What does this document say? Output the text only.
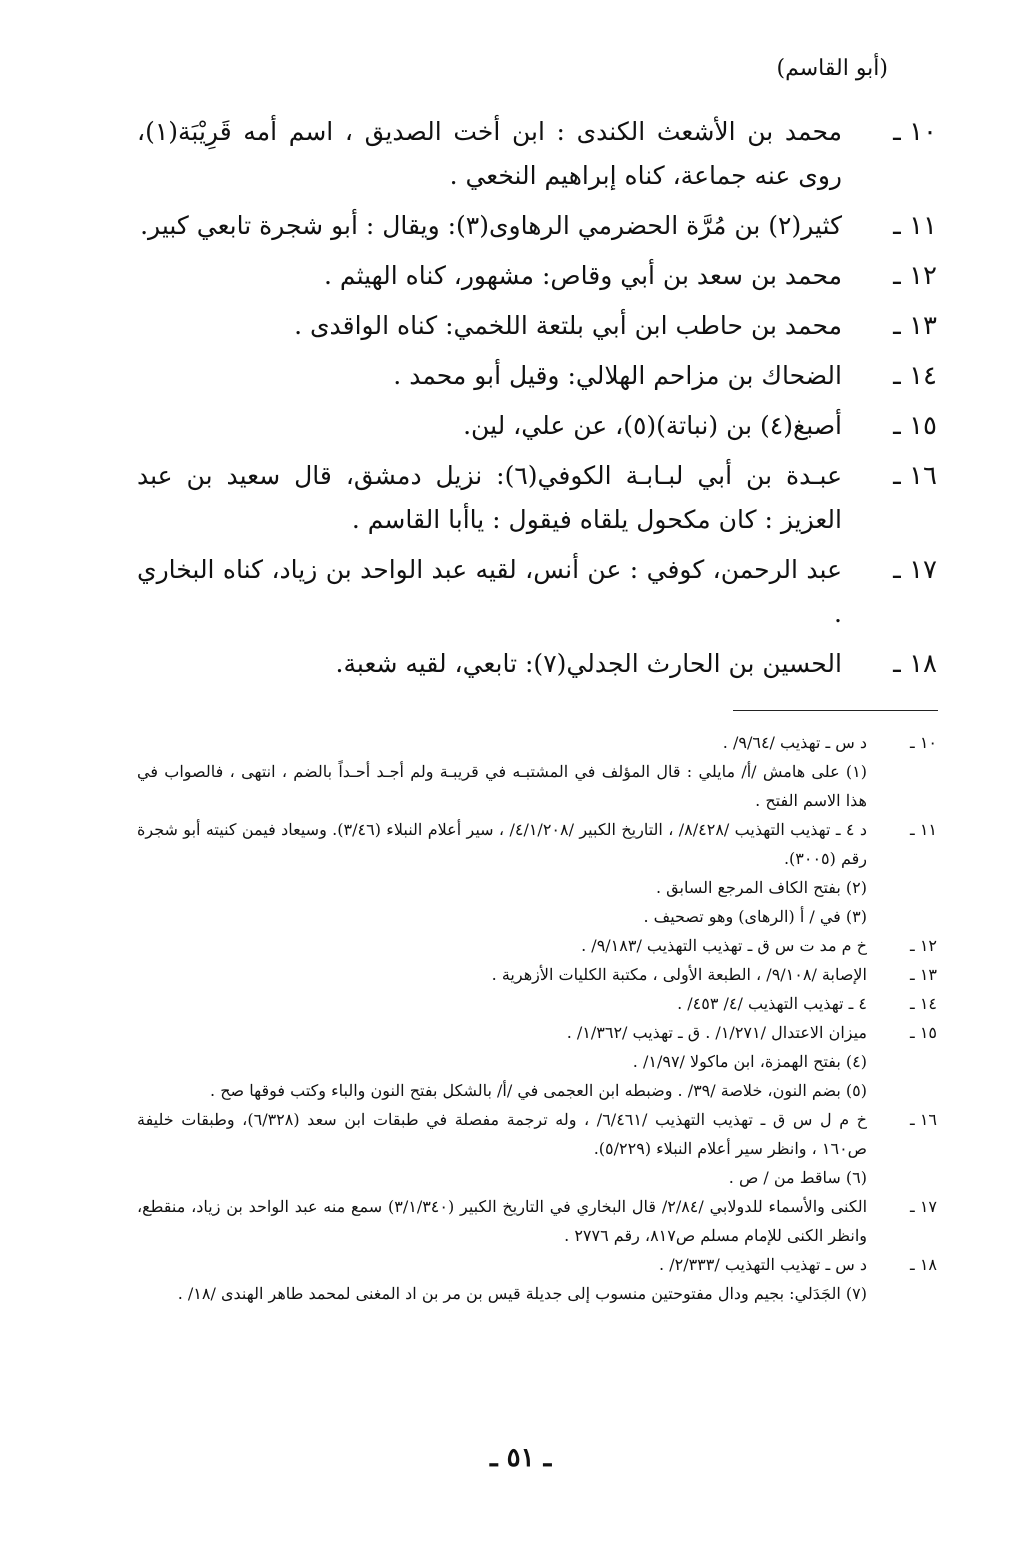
(أبو القاسم)
١٠ ـ
محمد بن الأشعث الكندى : ابن أخت الصديق ، اسم أمه قَرِيْبَة(١)، روى عنه جماعة، كناه إبراهيم النخعي .
١١ ـ
كثير(٢) بن مُرَّة الحضرمي الرهاوى(٣): ويقال : أبو شجرة تابعي كبير.
١٢ ـ
محمد بن سعد بن أبي وقاص: مشهور، كناه الهيثم .
١٣ ـ
محمد بن حاطب ابن أبي بلتعة اللخمي: كناه الواقدى .
١٤ ـ
الضحاك بن مزاحم الهلالي: وقيل أبو محمد .
١٥ ـ
أصبغ(٤) بن (نباتة)(٥)، عن علي، لين.
١٦ ـ
عبـدة بن أبي لبـابـة الكوفي(٦): نزيل دمشق، قال سعيد بن عبد العزيز : كان مكحول يلقاه فيقول : ياأبا القاسم .
١٧ ـ
عبد الرحمن، كوفي : عن أنس، لقيه عبد الواحد بن زياد، كناه البخاري .
١٨ ـ
الحسين بن الحارث الجدلي(٧): تابعي، لقيه شعبة.
١٠ ـ
د س ـ تهذيب /٩/٦٤/ .
(١) على هامش /أ/ مايلي : قال المؤلف في المشتبـه في قريبـة ولم أجـد أحـداً بالضم ، انتهى ، فالصواب في هذا الاسم الفتح .
١١ ـ
د ٤ ـ تهذيب التهذيب /٨/٤٢٨/ ، التاريخ الكبير /٤/١/٢٠٨/ ، سير أعلام النبلاء (٣/٤٦). وسيعاد فيمن كنيته أبو شجرة رقم (٣٠٠٥).
(٢) بفتح الكاف المرجع السابق .
(٣) في / أ (الرهاى) وهو تصحيف .
١٢ ـ
خ م مد ت س ق ـ تهذيب التهذيب /٩/١٨٣/ .
١٣ ـ
الإصابة /٩/١٠٨/ ، الطبعة الأولى ، مكتبة الكليات الأزهرية .
١٤ ـ
٤ ـ تهذيب التهذيب /٤/ ٤٥٣/ .
١٥ ـ
ميزان الاعتدال /١/٢٧١/ . ق ـ تهذيب /١/٣٦٢/ .
(٤) بفتح الهمزة، ابن ماكولا /١/٩٧/ .
(٥) بضم النون، خلاصة /٣٩/ . وضبطه ابن العجمى في /أ/ بالشكل بفتح النون والباء وكتب فوقها صح .
١٦ ـ
خ م ل س ق ـ تهذيب التهذيب /٦/٤٦١/ ، وله ترجمة مفصلة في طبقات ابن سعد (٦/٣٢٨)، وطبقات خليفة ص١٦٠ ، وانظر سير أعلام النبلاء (٥/٢٢٩).
(٦) ساقط من / ص .
١٧ ـ
الكنى والأسماء للدولابي /٢/٨٤/ قال البخاري في التاريخ الكبير (٣/١/٣٤٠) سمع منه عبد الواحد بن زياد، منقطع، وانظر الكنى للإمام مسلم ص٨١٧، رقم ٢٧٧٦ .
١٨ ـ
د س ـ تهذيب التهذيب /٢/٣٣٣/ .
(٧) الجَدَلي: بجيم ودال مفتوحتين منسوب إلى جديلة قيس بن مر بن اد المغنى لمحمد طاهر الهندى /١٨/ .
ـ ٥١ ـ
